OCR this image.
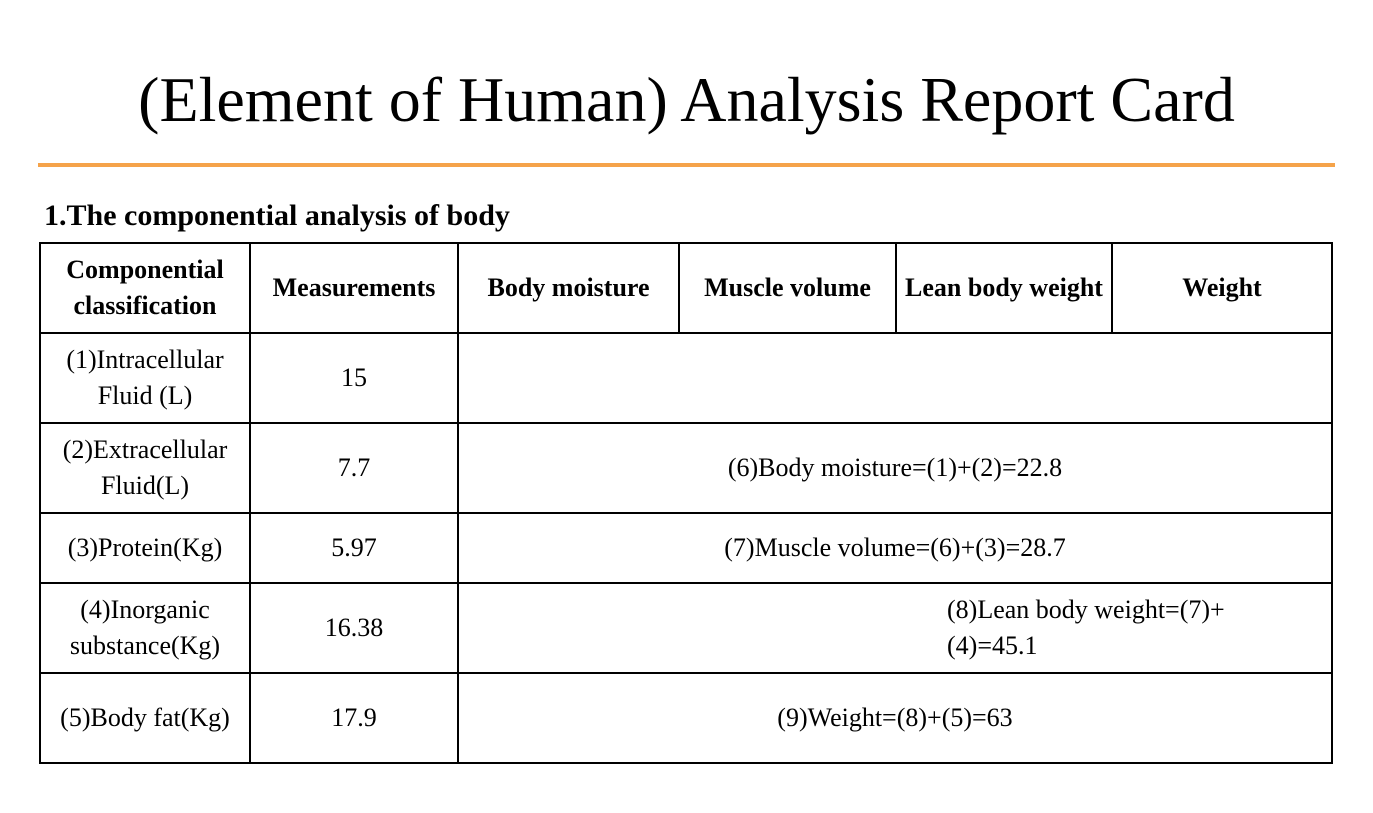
(Element of Human) Analysis Report Card
1.The componential analysis of body
Componential classification	Measurements	Body moisture	Muscle volume	Lean body weight	Weight
(1)Intracellular Fluid (L)	15				
(2)Extracellular Fluid(L)	7.7	(6)Body moisture=(1)+(2)=22.8			
(3)Protein(Kg)	5.97	(7)Muscle volume=(6)+(3)=28.7			
(4)Inorganic substance(Kg)	16.38	(8)Lean body weight=(7)+ (4)=45.1			
(5)Body fat(Kg)	17.9	(9)Weight=(8)+(5)=63			
